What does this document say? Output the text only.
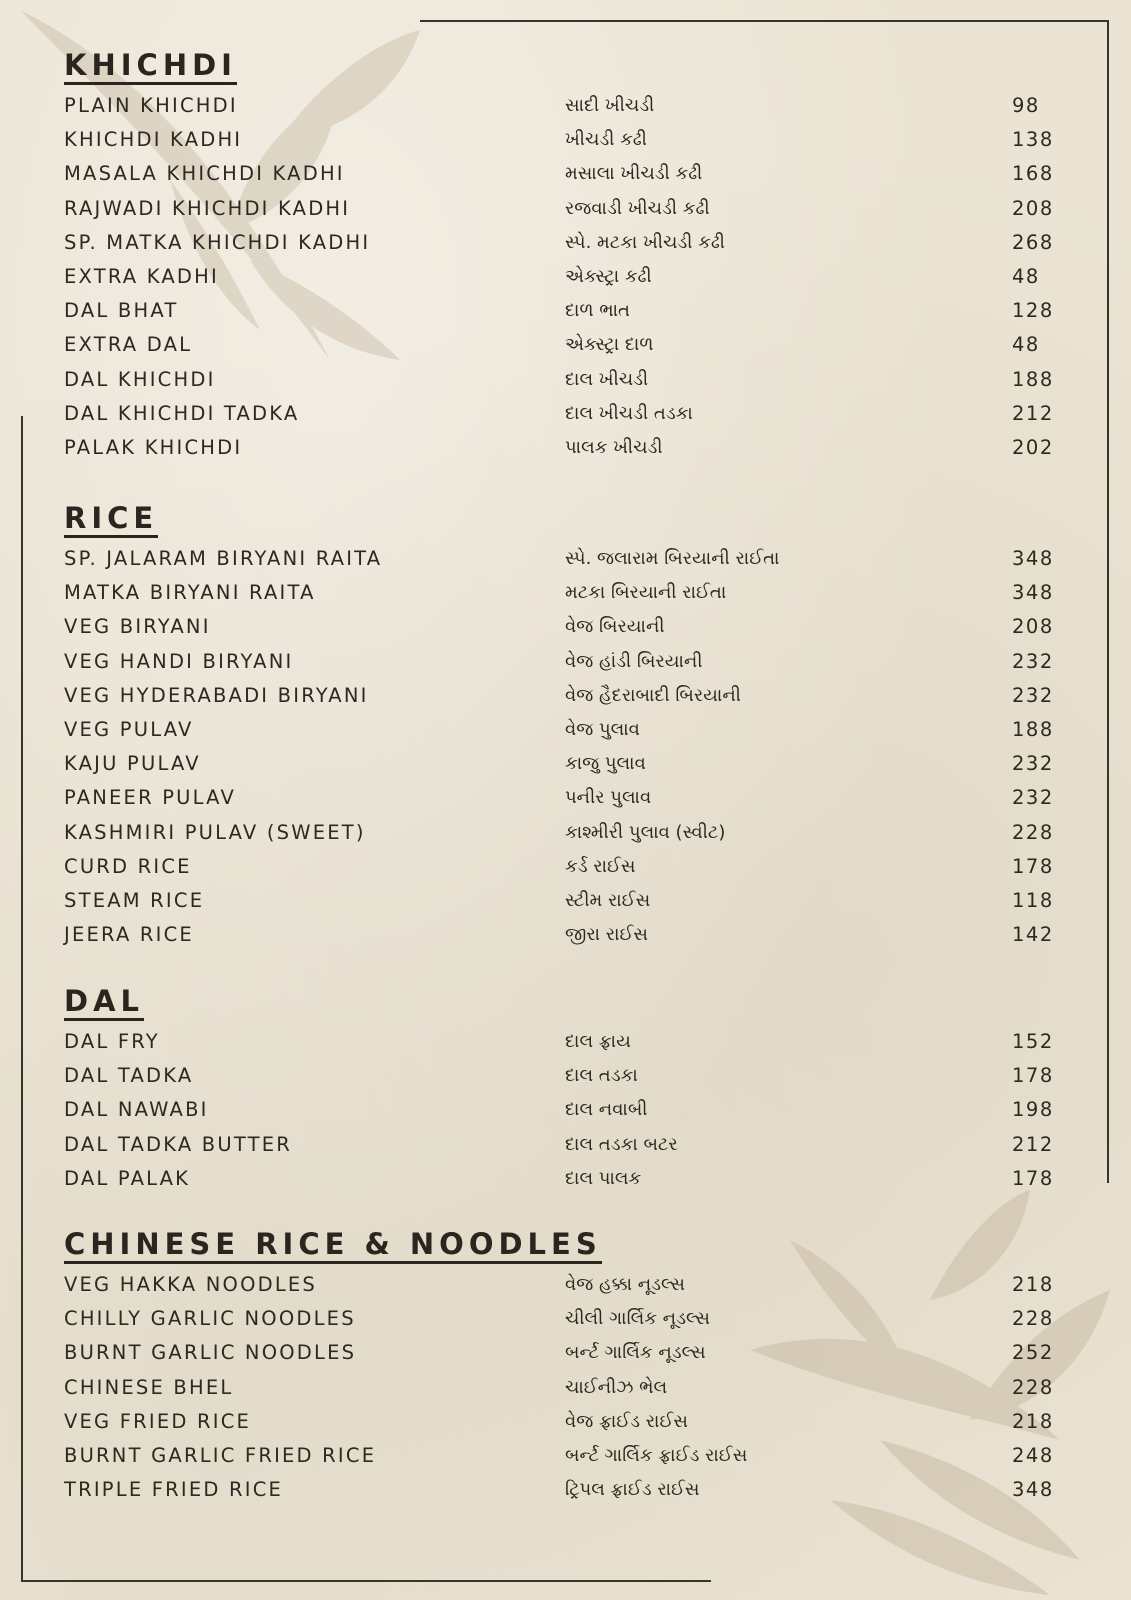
KHICHDI
PLAIN KHICHDI	સાદી ખીચડી	98
KHICHDI KADHI	ખીચડી કઢી	138
MASALA KHICHDI KADHI	મસાલા ખીચડી કઢી	168
RAJWADI KHICHDI KADHI	રજવાડી ખીચડી કઢી	208
SP. MATKA KHICHDI KADHI	સ્પે. મટકા ખીચડી કઢી	268
EXTRA KADHI	એક્સ્ટ્રા કઢી	48
DAL BHAT	દાળ ભાત	128
EXTRA DAL	એક્સ્ટ્રા દાળ	48
DAL KHICHDI	દાલ ખીચડી	188
DAL KHICHDI TADKA	દાલ ખીચડી તડકા	212
PALAK KHICHDI	પાલક ખીચડી	202
RICE
SP. JALARAM BIRYANI RAITA	સ્પે. જલારામ બિરયાની રાઈતા	348
MATKA BIRYANI RAITA	મટકા બિરયાની રાઈતા	348
VEG BIRYANI	વેજ બિરયાની	208
VEG HANDI BIRYANI	વેજ હાંડી બિરયાની	232
VEG HYDERABADI BIRYANI	વેજ હૈદરાબાદી બિરયાની	232
VEG PULAV	વેજ પુલાવ	188
KAJU PULAV	કાજુ પુલાવ	232
PANEER PULAV	પનીર પુલાવ	232
KASHMIRI PULAV (SWEET)	કાશ્મીરી પુલાવ (સ્વીટ)	228
CURD RICE	કર્ડ રાઈસ	178
STEAM RICE	સ્ટીમ રાઈસ	118
JEERA RICE	જીરા રાઈસ	142
DAL
DAL FRY	દાલ ફ્રાય	152
DAL TADKA	દાલ તડકા	178
DAL NAWABI	દાલ નવાબી	198
DAL TADKA BUTTER	દાલ તડકા બટર	212
DAL PALAK	દાલ પાલક	178
CHINESE RICE & NOODLES
VEG HAKKA NOODLES	વેજ હક્કા નૂડલ્સ	218
CHILLY GARLIC NOODLES	ચીલી ગાર્લિક નૂડલ્સ	228
BURNT GARLIC NOODLES	બર્ન્ટ ગાર્લિક નૂડલ્સ	252
CHINESE BHEL	ચાઈનીઝ ભેલ	228
VEG FRIED RICE	વેજ ફ્રાઈડ રાઈસ	218
BURNT GARLIC FRIED RICE	બર્ન્ટ ગાર્લિક ફ્રાઈડ રાઈસ	248
TRIPLE FRIED RICE	ટ્રિપલ ફ્રાઈડ રાઈસ	348
